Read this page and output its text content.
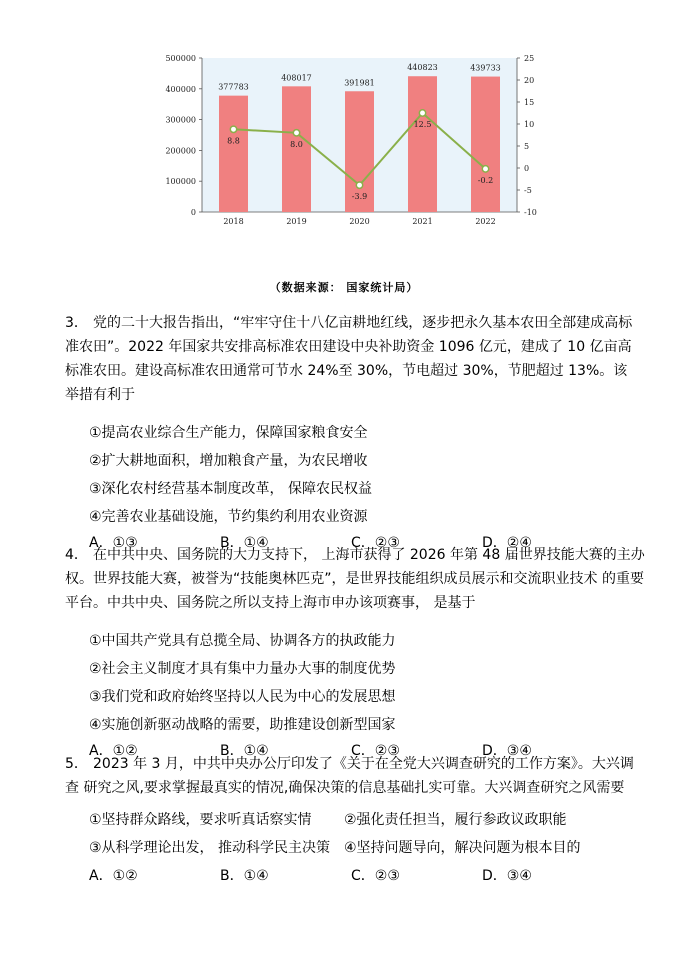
0
100000
200000
300000
400000
500000
-10
-5
0
5
10
15
20
25
377783
408017
391981
440823	439733
2018	2019	2020	2021	2022
8.8	8.0
-3.9
12.5
-0.2
（数据来源： 国家统计局）
3． 党的二十大报告指出，“牢牢守住十八亿亩耕地红线，逐步把永久基本农田全部建成高标准农田”。2022 年国家共安排高标准农田建设中央补助资金 1096 亿元，建成了 10 亿亩高标准农田。建设高标准农田通常可节水 24%至 30%，节电超过 30%，节肥超过 13%。该 举措有利于
①提高农业综合生产能力，保障国家粮食安全
②扩大耕地面积，增加粮食产量，为农民增收
③深化农村经营基本制度改革， 保障农民权益
④完善农业基础设施，节约集约利用农业资源
A．①③	B．①④	C．②③	D．②④
4． 在中共中央、国务院的大力支持下， 上海市获得了 2026 年第 48 届世界技能大赛的主办 权。世界技能大赛，被誉为“技能奥林匹克”，是世界技能组织成员展示和交流职业技术 的重要平台。中共中央、国务院之所以支持上海市申办该项赛事， 是基于
①中国共产党具有总揽全局、协调各方的执政能力
②社会主义制度才具有集中力量办大事的制度优势
③我们党和政府始终坚持以人民为中心的发展思想
④实施创新驱动战略的需要，助推建设创新型国家
A．①②	B．①④	C．②③	D．③④
5． 2023 年 3 月，中共中央办公厅印发了《关于在全党大兴调查研究的工作方案》。大兴调查 研究之风,要求掌握最真实的情况,确保决策的信息基础扎实可靠。大兴调查研究之风需要
①坚持群众路线，要求听真话察实情	②强化责任担当，履行参政议政职能
③从科学理论出发， 推动科学民主决策	④坚持问题导向，解决问题为根本目的
A．①②	B．①④	C．②③	D．③④
